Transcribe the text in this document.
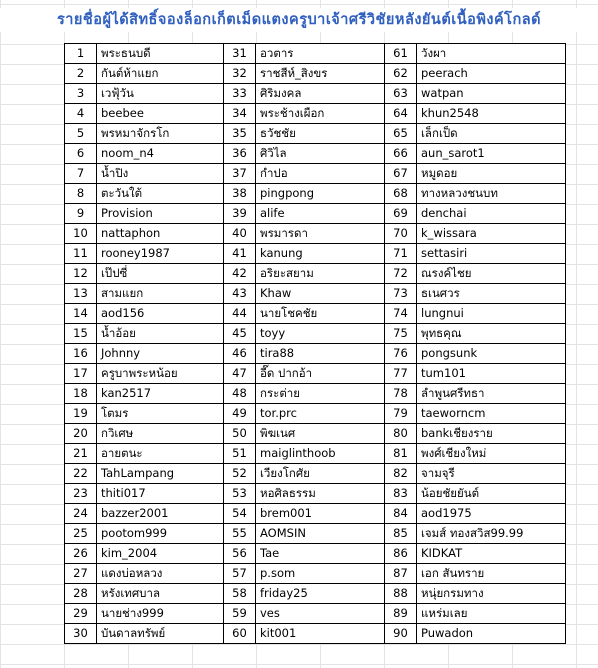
รายชื่อผู้ได้สิทธิ์จองล็อกเก็ตเม็ดแตงครูบาเจ้าศรีวิชัยหลังยันต์เนื้อพิงค์โกลด์
1	พระธนบดี	31	อวตาร	61	วังผา
2	กันต์ห้าแยก	32	ราชสีห์_สิงขร	62	peerach
3	เวฟุ้วัน	33	ศิริมงคล	63	watpan
4	beebee	34	พระช้างเผือก	64	khun2548
5	พรหมาจักรโก	35	ธวัชชัย	65	เล็กเป็ด
6	noom_n4	36	ศิวิไล	66	aun_sarot1
7	น้ำปิง	37	กำปอ	67	หมูดอย
8	ตะวันใต้	38	pingpong	68	ทางหลวงชนบท
9	Provision	39	alife	69	denchai
10	nattaphon	40	พรมารดา	70	k_wissara
11	rooney1987	41	kanung	71	settasiri
12	เป๊ปซี่	42	อริยะสยาม	72	ณรงค์ไชย
13	สามแยก	43	Khaw	73	ธเนศวร
14	aod156	44	นายโชคชัย	74	lungnui
15	น้ำอ้อย	45	toyy	75	พุทธคุณ
16	Johnny	46	tira88	76	pongsunk
17	ครูบาพระหน้อย	47	อี๊ด ปากอ้า	77	tum101
18	kan2517	48	กระต่าย	78	ลำพูนศรีทธา
19	โตมร	49	tor.prc	79	taeworncm
20	กวิเศษ	50	พิฆเนศ	80	bankเชียงราย
21	อายตนะ	51	maiglinthoob	81	พงศ์เชียงใหม่
22	TahLampang	52	เวียงโกศัย	82	จามจุรี
23	thiti017	53	หอศิลธรรม	83	น้อยชัยยันต์
24	bazzer2001	54	brem001	84	aod1975
25	pootom999	55	AOMSIN	85	เจมส์ ทองสวิส99.99
26	kim_2004	56	Tae	86	KIDKAT
27	แดงบ่อหลวง	57	p.som	87	เอก สันทราย
28	หรังเทศบาล	58	friday25	88	หนุ่ยกรมทาง
29	นายช่าง999	59	ves	89	แหร่มเลย
30	บันดาลทรัพย์	60	kit001	90	Puwadon
